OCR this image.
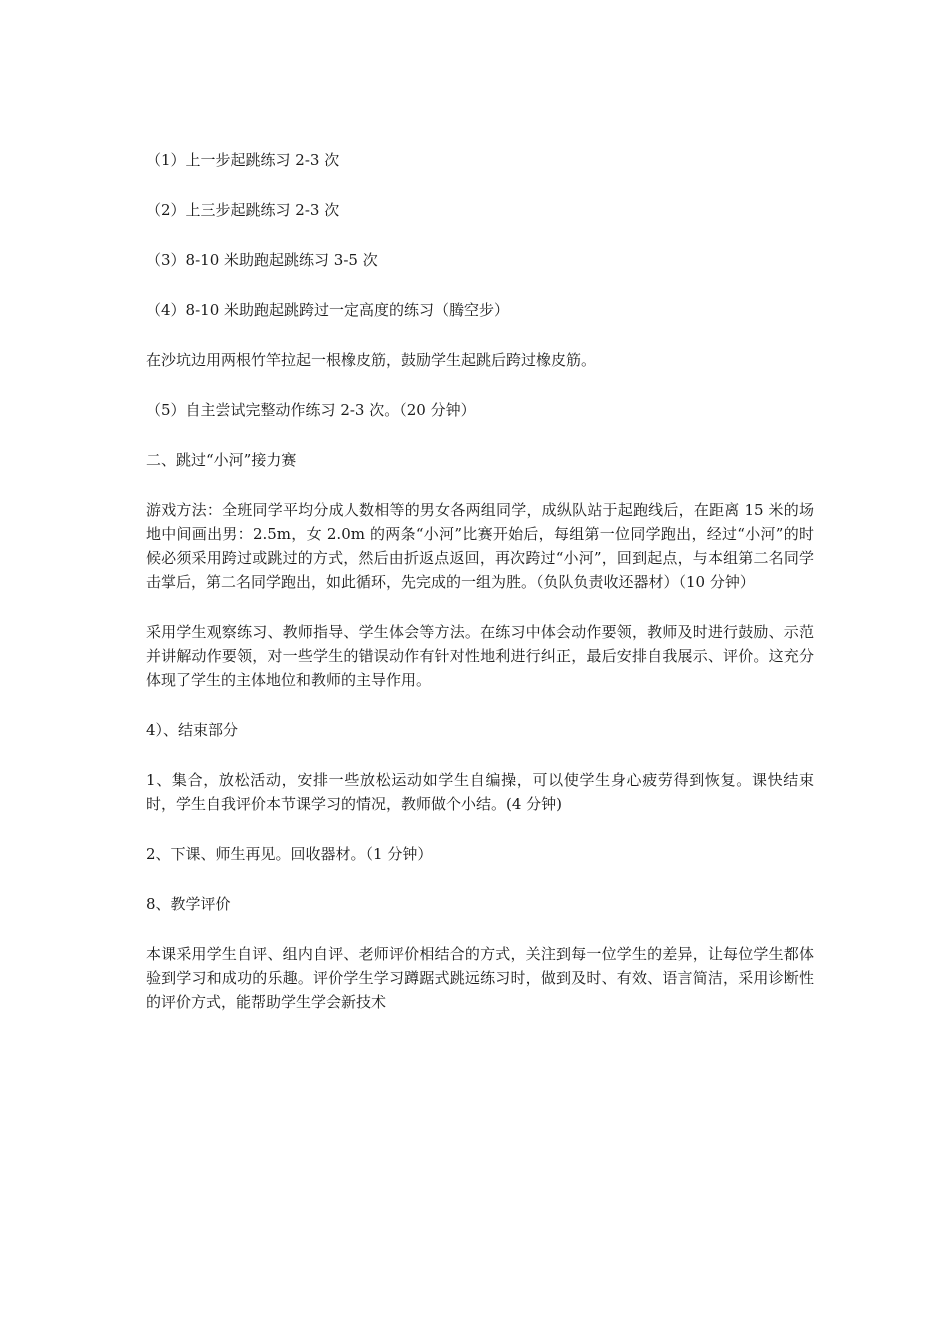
（1）上一步起跳练习 2-3 次

（2）上三步起跳练习 2-3 次

（3）8-10 米助跑起跳练习 3-5 次

（4）8-10 米助跑起跳跨过一定高度的练习（腾空步）

在沙坑边用两根竹竿拉起一根橡皮筋，鼓励学生起跳后跨过橡皮筋。

（5）自主尝试完整动作练习 2-3 次。（20 分钟）

二、跳过“小河”接力赛

游戏方法：全班同学平均分成人数相等的男女各两组同学，成纵队站于起跑线后，在距离 15 米的场地中间画出男：2.5m，女 2.0m 的两条“小河”比赛开始后，每组第一位同学跑出，经过“小河”的时候必须采用跨过或跳过的方式，然后由折返点返回，再次跨过“小河”，回到起点，与本组第二名同学击掌后，第二名同学跑出，如此循环，先完成的一组为胜。（负队负责收还器材）（10 分钟）

采用学生观察练习、教师指导、学生体会等方法。在练习中体会动作要领，教师及时进行鼓励、示范并讲解动作要领，对一些学生的错误动作有针对性地利进行纠正，最后安排自我展示、评价。这充分体现了学生的主体地位和教师的主导作用。

4）、结束部分

1、集合，放松活动，安排一些放松运动如学生自编操，可以使学生身心疲劳得到恢复。课快结束时，学生自我评价本节课学习的情况，教师做个小结。(4 分钟)

2、下课、师生再见。回收器材。（1 分钟）

8、教学评价

本课采用学生自评、组内自评、老师评价相结合的方式，关注到每一位学生的差异，让每位学生都体验到学习和成功的乐趣。评价学生学习蹲踞式跳远练习时，做到及时、有效、语言简洁，采用诊断性的评价方式，能帮助学生学会新技术
